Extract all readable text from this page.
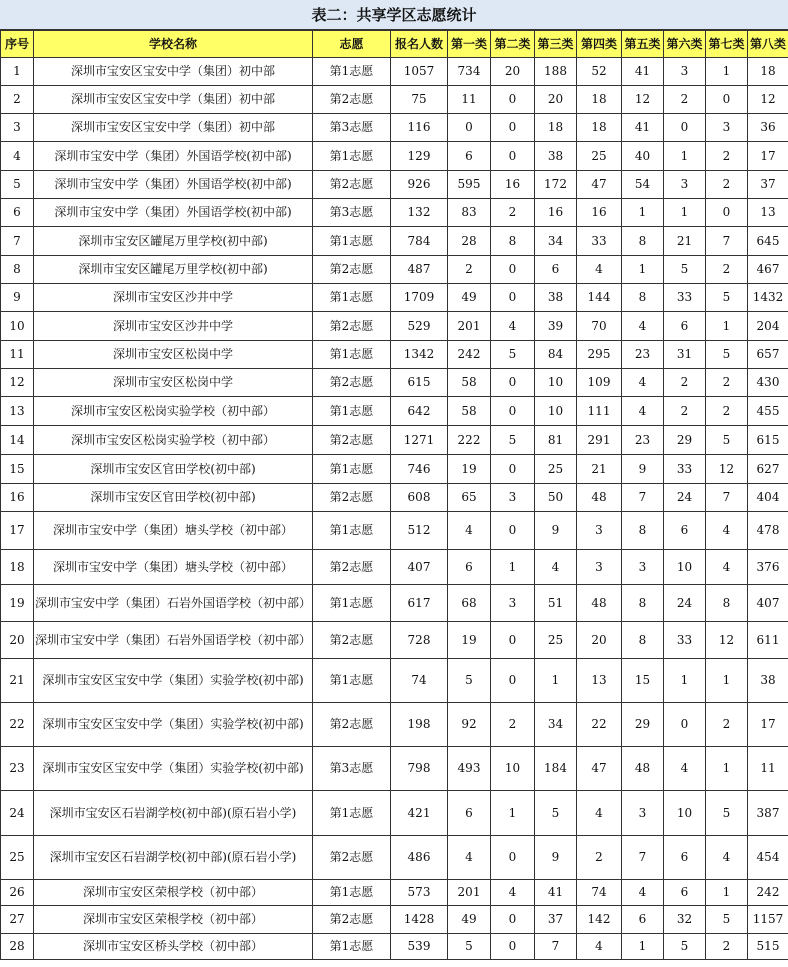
表二：共享学区志愿统计
序号	学校名称	志愿	报名人数	第一类	第二类	第三类	第四类	第五类	第六类	第七类	第八类
1	深圳市宝安区宝安中学（集团）初中部	第1志愿	1057	734	20	188	52	41	3	1	18
2	深圳市宝安区宝安中学（集团）初中部	第2志愿	75	11	0	20	18	12	2	0	12
3	深圳市宝安区宝安中学（集团）初中部	第3志愿	116	0	0	18	18	41	0	3	36
4	深圳市宝安中学（集团）外国语学校(初中部)	第1志愿	129	6	0	38	25	40	1	2	17
5	深圳市宝安中学（集团）外国语学校(初中部)	第2志愿	926	595	16	172	47	54	3	2	37
6	深圳市宝安中学（集团）外国语学校(初中部)	第3志愿	132	83	2	16	16	1	1	0	13
7	深圳市宝安区罐尾万里学校(初中部)	第1志愿	784	28	8	34	33	8	21	7	645
8	深圳市宝安区罐尾万里学校(初中部)	第2志愿	487	2	0	6	4	1	5	2	467
9	深圳市宝安区沙井中学	第1志愿	1709	49	0	38	144	8	33	5	1432
10	深圳市宝安区沙井中学	第2志愿	529	201	4	39	70	4	6	1	204
11	深圳市宝安区松岗中学	第1志愿	1342	242	5	84	295	23	31	5	657
12	深圳市宝安区松岗中学	第2志愿	615	58	0	10	109	4	2	2	430
13	深圳市宝安区松岗实验学校（初中部）	第1志愿	642	58	0	10	111	4	2	2	455
14	深圳市宝安区松岗实验学校（初中部）	第2志愿	1271	222	5	81	291	23	29	5	615
15	深圳市宝安区官田学校(初中部)	第1志愿	746	19	0	25	21	9	33	12	627
16	深圳市宝安区官田学校(初中部)	第2志愿	608	65	3	50	48	7	24	7	404
17	深圳市宝安中学（集团）塘头学校（初中部）	第1志愿	512	4	0	9	3	8	6	4	478
18	深圳市宝安中学（集团）塘头学校（初中部）	第2志愿	407	6	1	4	3	3	10	4	376
19	深圳市宝安中学（集团）石岩外国语学校（初中部）	第1志愿	617	68	3	51	48	8	24	8	407
20	深圳市宝安中学（集团）石岩外国语学校（初中部）	第2志愿	728	19	0	25	20	8	33	12	611
21	深圳市宝安区宝安中学（集团）实验学校(初中部)	第1志愿	74	5	0	1	13	15	1	1	38
22	深圳市宝安区宝安中学（集团）实验学校(初中部)	第2志愿	198	92	2	34	22	29	0	2	17
23	深圳市宝安区宝安中学（集团）实验学校(初中部)	第3志愿	798	493	10	184	47	48	4	1	11
24	深圳市宝安区石岩湖学校(初中部)(原石岩小学)	第1志愿	421	6	1	5	4	3	10	5	387
25	深圳市宝安区石岩湖学校(初中部)(原石岩小学)	第2志愿	486	4	0	9	2	7	6	4	454
26	深圳市宝安区荣根学校（初中部）	第1志愿	573	201	4	41	74	4	6	1	242
27	深圳市宝安区荣根学校（初中部）	第2志愿	1428	49	0	37	142	6	32	5	1157
28	深圳市宝安区桥头学校（初中部）	第1志愿	539	5	0	7	4	1	5	2	515
